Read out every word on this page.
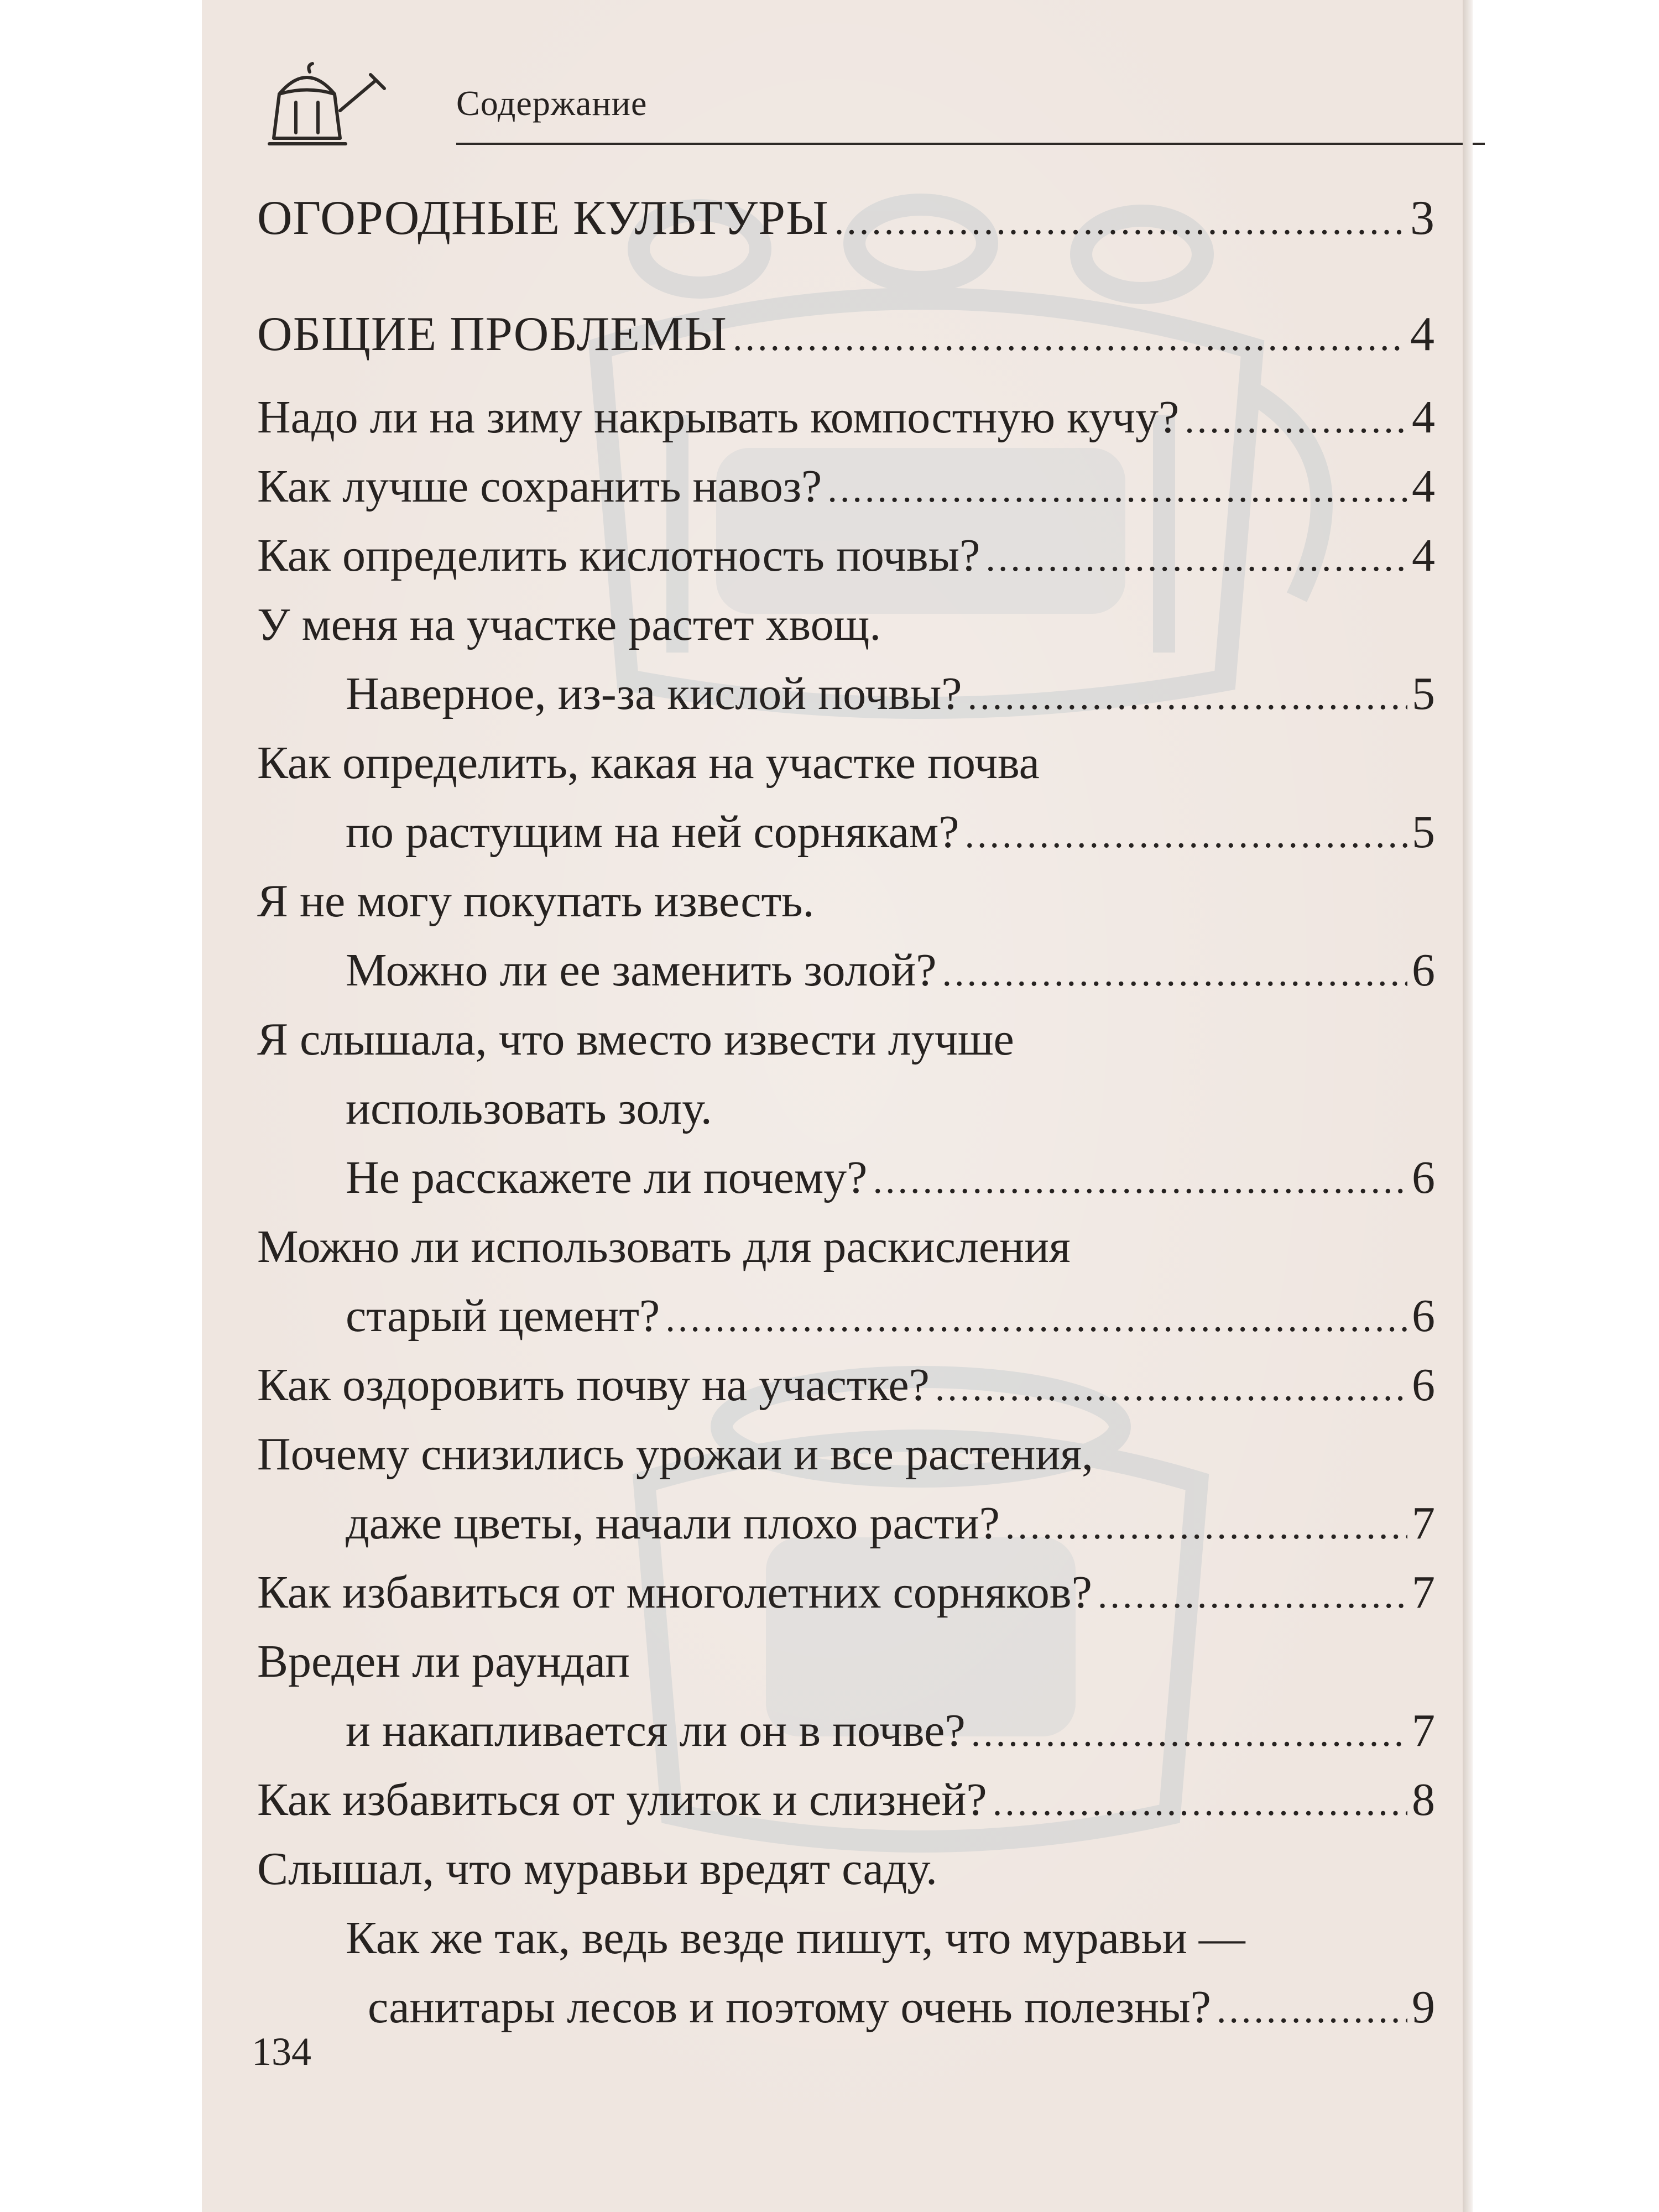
Содержание
ОГОРОДНЫЕ КУЛЬТУРЫ .....	3
ОБЩИЕ ПРОБЛЕМЫ .....	4
Надо ли на зиму накрывать компостную кучу? .....	4
Как лучше сохранить навоз? .....	4
Как определить кислотность почвы? .....	4
У меня на участке растет хвощ.
Наверное, из-за кислой почвы? .....	5
Как определить, какая на участке почва
по растущим на ней сорнякам? .....	5
Я не могу покупать известь.
Можно ли ее заменить золой? .....	6
Я слышала, что вместо извести лучше
использовать золу.
Не расскажете ли почему? .....	6
Можно ли использовать для раскисления
старый цемент? .....	6
Как оздоровить почву на участке? .....	6
Почему снизились урожаи и все растения,
даже цветы, начали плохо расти? .....	7
Как избавиться от многолетних сорняков? .....	7
Вреден ли раундап
и накапливается ли он в почве? .....	7
Как избавиться от улиток и слизней? .....	8
Слышал, что муравьи вредят саду.
Как же так, ведь везде пишут, что муравьи —
санитары лесов и поэтому очень полезны? .....	9
134
